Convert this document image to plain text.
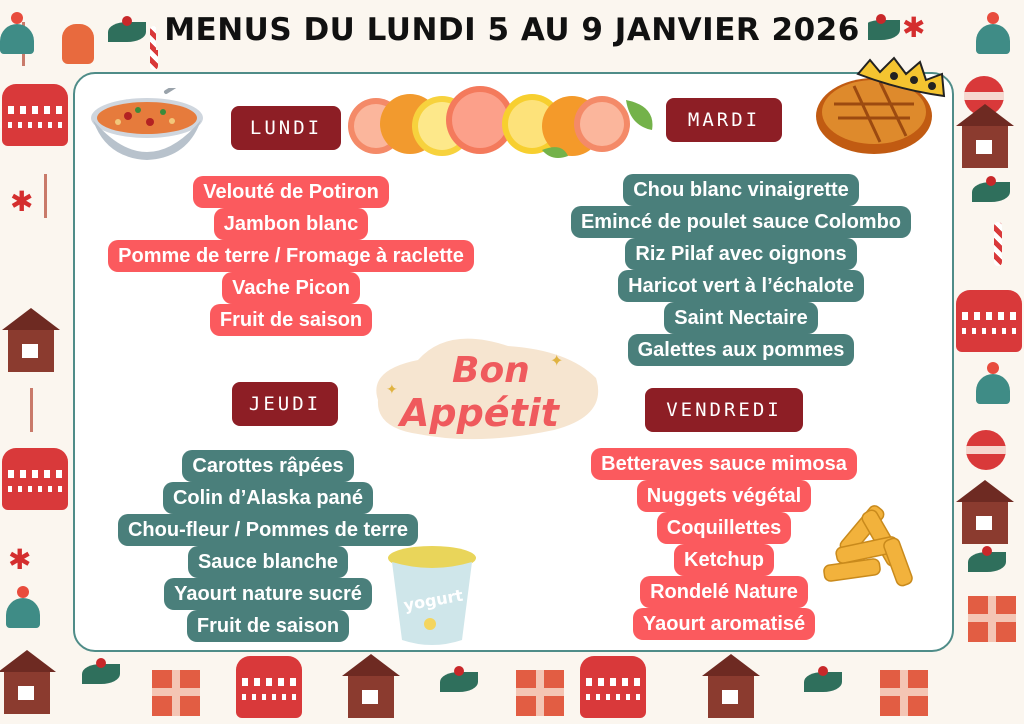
✱
✱
✱
MENUS DU LUNDI 5 AU 9 JANVIER 2026
Bon
Appétit
✦
✦
yogurt
LUNDI	MARDI
JEUDI	VENDREDI
Velouté de Potiron
Jambon blanc
Pomme de terre / Fromage à raclette
Vache Picon
Fruit de saison
Chou blanc vinaigrette
Emincé de poulet sauce Colombo
Riz Pilaf avec oignons
Haricot vert à l’échalote
Saint Nectaire
Galettes aux pommes
Carottes râpées
Colin d’Alaska pané
Chou-fleur / Pommes de terre
Sauce blanche
Yaourt nature sucré
Fruit de saison
Betteraves sauce mimosa
Nuggets végétal
Coquillettes
Ketchup
Rondelé Nature
Yaourt aromatisé
